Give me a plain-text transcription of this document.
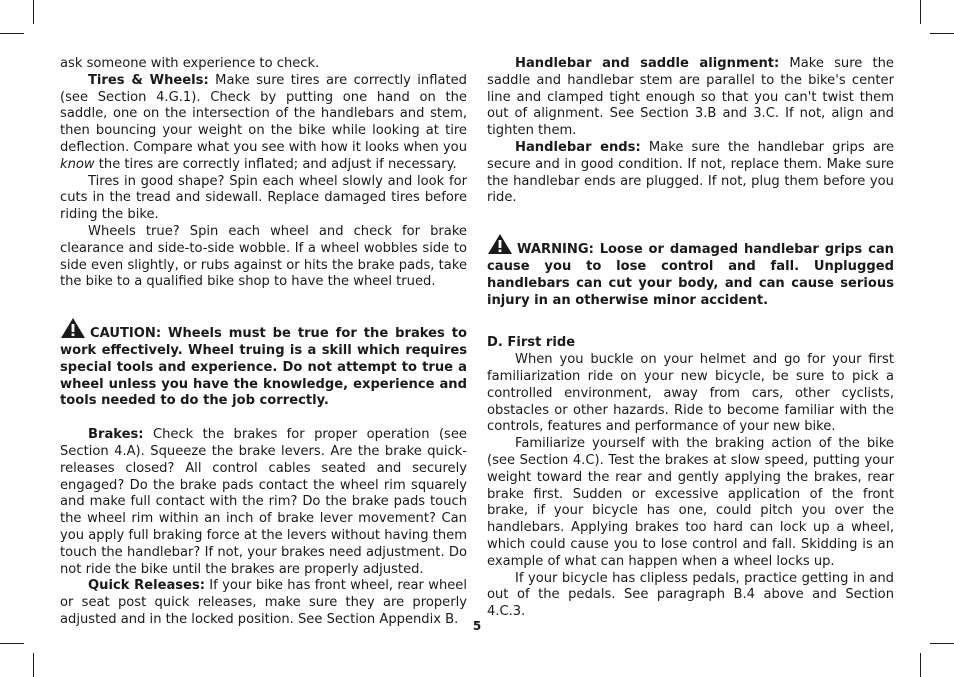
ask someone with experience to check.

Tires & Wheels: Make sure tires are correctly inflated (see Section 4.G.1). Check by putting one hand on the saddle, one on the intersection of the handlebars and stem, then bouncing your weight on the bike while looking at tire deflection. Compare what you see with how it looks when you know the tires are correctly inflated; and adjust if necessary.

Tires in good shape? Spin each wheel slowly and look for cuts in the tread and sidewall. Replace damaged tires before riding the bike.

Wheels true? Spin each wheel and check for brake clearance and side-to-side wobble. If a wheel wobbles side to side even slightly, or rubs against or hits the brake pads, take the bike to a qualified bike shop to have the wheel trued.

CAUTION: Wheels must be true for the brakes to work effectively. Wheel truing is a skill which requires special tools and experience. Do not attempt to true a wheel unless you have the knowledge, experience and tools needed to do the job correctly.

Brakes: Check the brakes for proper operation (see Section 4.A). Squeeze the brake levers. Are the brake quick-releases closed? All control cables seated and securely engaged? Do the brake pads contact the wheel rim squarely and make full contact with the rim? Do the brake pads touch the wheel rim within an inch of brake lever movement? Can you apply full braking force at the levers without having them touch the handlebar? If not, your brakes need adjustment. Do not ride the bike until the brakes are properly adjusted.

Quick Releases: If your bike has front wheel, rear wheel or seat post quick releases, make sure they are properly adjusted and in the locked position. See Section Appendix B.

Handlebar and saddle alignment: Make sure the saddle and handlebar stem are parallel to the bike's center line and clamped tight enough so that you can't twist them out of alignment. See Section 3.B and 3.C. If not, align and tighten them.

Handlebar ends: Make sure the handlebar grips are secure and in good condition. If not, replace them. Make sure the handlebar ends are plugged. If not, plug them before you ride.

WARNING: Loose or damaged handlebar grips can cause you to lose control and fall. Unplugged handlebars can cut your body, and can cause serious injury in an otherwise minor accident.

D. First ride

When you buckle on your helmet and go for your first familiarization ride on your new bicycle, be sure to pick a controlled environment, away from cars, other cyclists, obstacles or other hazards. Ride to become familiar with the controls, features and performance of your new bike.

Familiarize yourself with the braking action of the bike (see Section 4.C). Test the brakes at slow speed, putting your weight toward the rear and gently applying the brakes, rear brake first. Sudden or excessive application of the front brake, if your bicycle has one, could pitch you over the handlebars. Applying brakes too hard can lock up a wheel, which could cause you to lose control and fall. Skidding is an example of what can happen when a wheel locks up.

If your bicycle has clipless pedals, practice getting in and out of the pedals. See paragraph B.4 above and Section 4.C.3.

5
